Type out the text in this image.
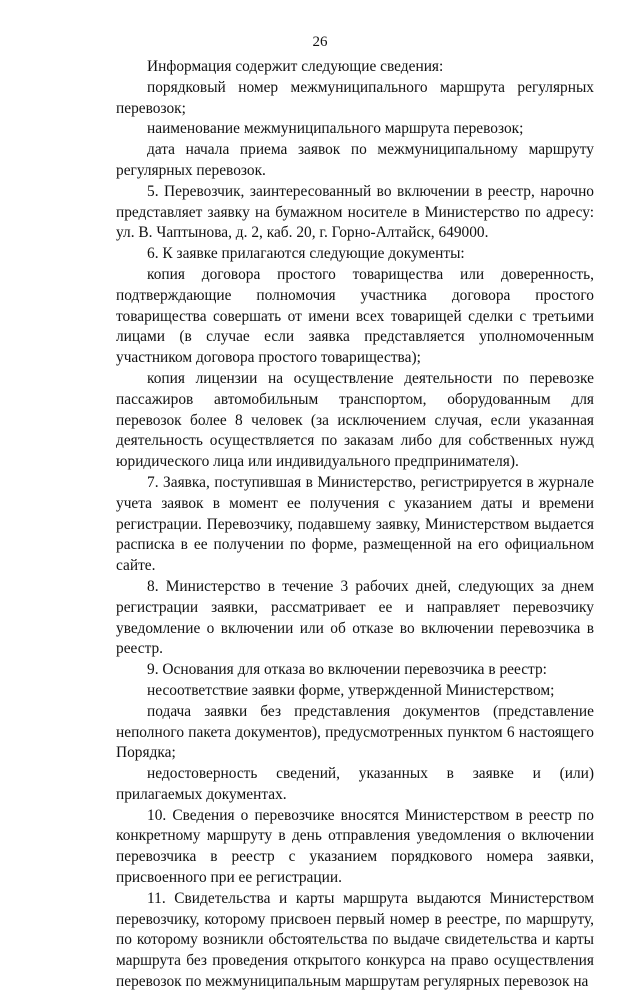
26

Информация содержит следующие сведения:

порядковый номер межмуниципального маршрута регулярных перевозок;

наименование межмуниципального маршрута перевозок;

дата начала приема заявок по межмуниципальному маршруту регулярных перевозок.

5. Перевозчик, заинтересованный во включении в реестр, нарочно представляет заявку на бумажном носителе в Министерство по адресу: ул. В. Чаптынова, д. 2, каб. 20, г. Горно-Алтайск, 649000.

6. К заявке прилагаются следующие документы:

копия договора простого товарищества или доверенность, подтверждающие полномочия участника договора простого товарищества совершать от имени всех товарищей сделки с третьими лицами (в случае если заявка представляется уполномоченным участником договора простого товарищества);

копия лицензии на осуществление деятельности по перевозке пассажиров автомобильным транспортом, оборудованным для перевозок более 8 человек (за исключением случая, если указанная деятельность осуществляется по заказам либо для собственных нужд юридического лица или индивидуального предпринимателя).

7. Заявка, поступившая в Министерство, регистрируется в журнале учета заявок в момент ее получения с указанием даты и времени регистрации. Перевозчику, подавшему заявку, Министерством выдается расписка в ее получении по форме, размещенной на его официальном сайте.

8. Министерство в течение 3 рабочих дней, следующих за днем регистрации заявки, рассматривает ее и направляет перевозчику уведомление о включении или об отказе во включении перевозчика в реестр.

9. Основания для отказа во включении перевозчика в реестр:

несоответствие заявки форме, утвержденной Министерством;

подача заявки без представления документов (представление неполного пакета документов), предусмотренных пунктом 6 настоящего Порядка;

недостоверность сведений, указанных в заявке и (или) прилагаемых документах.

10. Сведения о перевозчике вносятся Министерством в реестр по конкретному маршруту в день отправления уведомления о включении перевозчика в реестр с указанием порядкового номера заявки, присвоенного при ее регистрации.

11. Свидетельства и карты маршрута выдаются Министерством перевозчику, которому присвоен первый номер в реестре, по маршруту, по которому возникли обстоятельства по выдаче свидетельства и карты маршрута без проведения открытого конкурса на право осуществления перевозок по межмуниципальным маршрутам регулярных перевозок на
